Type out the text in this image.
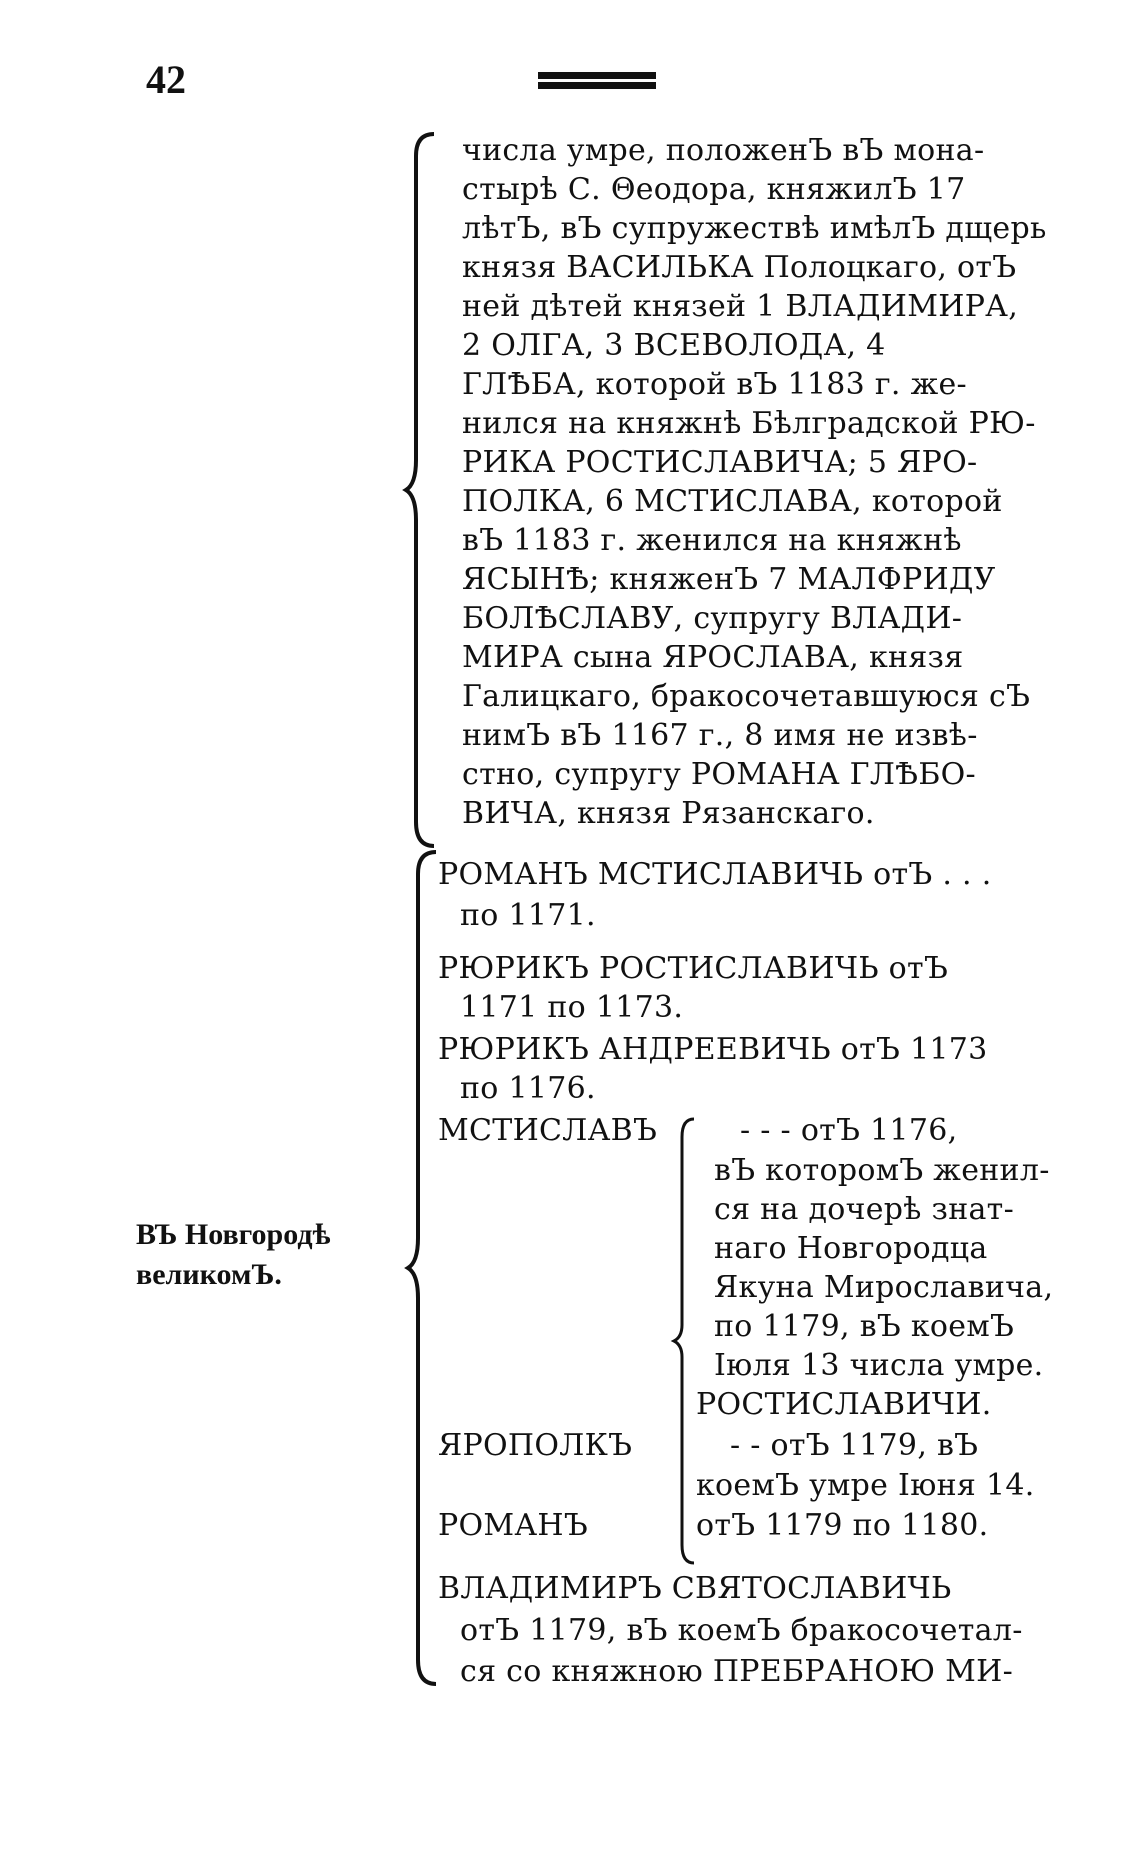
42
ВЪ Новгородѣ
великомЪ.
числа умре, положенЪ вЪ мона-
стырѣ С. Θеодора, княжилЪ 17
лѣтЪ, вЪ супружествѣ имѣлЪ дщерь
князя ВАСИЛЬКА Полоцкаго, отЪ
ней дѣтей князей 1 ВЛАДИМИРА,
2 ОЛГА, 3 ВСЕВОЛОДА, 4
ГЛѢБА, которой вЪ 1183 г. же-
нился на княжнѣ Бѣлградской РЮ-
РИКА РОСТИСЛАВИЧА; 5 ЯРО-
ПОЛКА, 6 МСТИСЛАВА, которой
вЪ 1183 г. женился на княжнѣ
ЯСЫНѢ; княженЪ 7 МАЛФРИДУ
БОЛѢСЛАВУ, супругу ВЛАДИ-
МИРА сына ЯРОСЛАВА, князя
Галицкаго, бракосочетавшуюся сЪ
нимЪ вЪ 1167 г., 8 имя не извѣ-
стно, супругу РОМАНА ГЛѢБО-
ВИЧА, князя Рязанскаго.
РОМАНЪ МСТИСЛАВИЧЬ отЪ . . .
по 1171.
РЮРИКЪ РОСТИСЛАВИЧЬ отЪ
1171 по 1173.
РЮРИКЪ АНДРЕЕВИЧЬ отЪ 1173
по 1176.
МСТИСЛАВЪ	- - - отЪ 1176,
вЪ которомЪ женил-
ся на дочерѣ знат-
наго Новгородца
Якуна Мирославича,
по 1179, вЪ коемЪ
Іюля 13 числа умре.
РОСТИСЛАВИЧИ.
- - отЪ 1179, вЪ
коемЪ умре Іюня 14.
отЪ 1179 по 1180.
ЯРОПОЛКЪ
РОМАНЪ
ВЛАДИМИРЪ СВЯТОСЛАВИЧЬ
отЪ 1179, вЪ коемЪ бракосочетал-
ся со княжною ПРЕБРАНОЮ МИ-
